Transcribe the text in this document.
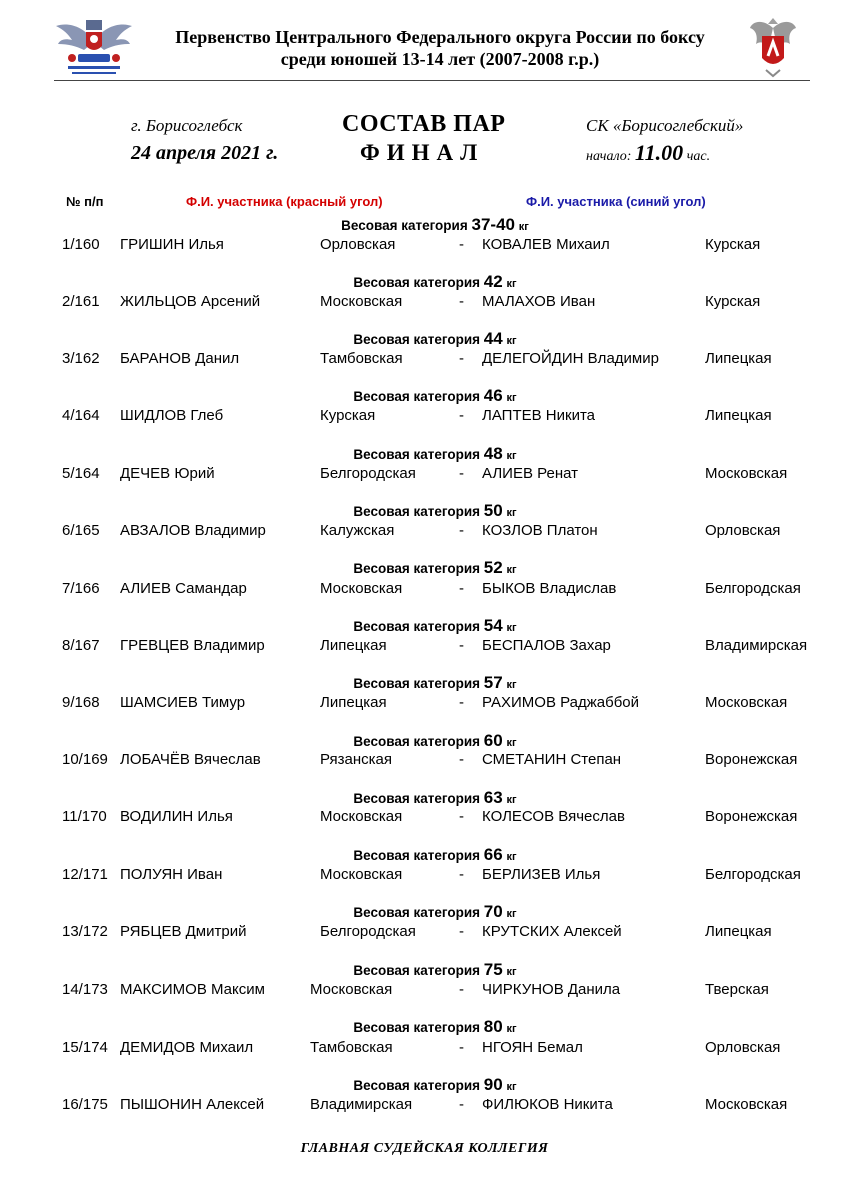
Первенство Центрального Федерального округа России по боксу
среди юношей 13-14 лет (2007-2008 г.р.)
г. Борисоглебск
24 апреля 2021 г.
СОСТАВ ПАР
ФИНАЛ
СК «Борисоглебский»
начало: 11.00 час.
№ п/п	Ф.И. участника (красный угол)	Ф.И. участника (синий угол)
Весовая категория 37-40 кг
1/160 ГРИШИН Илья	Орловская	- КОВАЛЕВ Михаил	Курская
Весовая категория 42 кг
2/161 ЖИЛЬЦОВ Арсений	Московская	- МАЛАХОВ Иван	Курская
Весовая категория 44 кг
3/162 БАРАНОВ Данил	Тамбовская	- ДЕЛЕГОЙДИН Владимир	Липецкая
Весовая категория 46 кг
4/164 ШИДЛОВ Глеб	Курская	- ЛАПТЕВ Никита	Липецкая
Весовая категория 48 кг
5/164 ДЕЧЕВ Юрий	Белгородская	- АЛИЕВ Ренат	Московская
Весовая категория 50 кг
6/165 АВЗАЛОВ Владимир	Калужская	- КОЗЛОВ Платон	Орловская
Весовая категория 52 кг
7/166 АЛИЕВ Самандар	Московская	- БЫКОВ Владислав	Белгородская
Весовая категория 54 кг
8/167 ГРЕВЦЕВ Владимир	Липецкая	- БЕСПАЛОВ Захар	Владимирская
Весовая категория 57 кг
9/168 ШАМСИЕВ Тимур	Липецкая	- РАХИМОВ Раджаббой	Московская
Весовая категория 60 кг
10/169 ЛОБАЧЁВ Вячеслав	Рязанская	- СМЕТАНИН Степан	Воронежская
Весовая категория 63 кг
11/170 ВОДИЛИН Илья	Московская	- КОЛЕСОВ Вячеслав	Воронежская
Весовая категория 66 кг
12/171 ПОЛУЯН Иван	Московская	- БЕРЛИЗЕВ Илья	Белгородская
Весовая категория 70 кг
13/172 РЯБЦЕВ Дмитрий	Белгородская	- КРУТСКИХ Алексей	Липецкая
Весовая категория 75 кг
14/173 МАКСИМОВ Максим	Московская	- ЧИРКУНОВ Данила	Тверская
Весовая категория 80 кг
15/174 ДЕМИДОВ Михаил	Тамбовская	- НГОЯН Бемал	Орловская
Весовая категория 90 кг
16/175 ПЫШОНИН Алексей	Владимирская	- ФИЛЮКОВ Никита	Московская
ГЛАВНАЯ СУДЕЙСКАЯ КОЛЛЕГИЯ
